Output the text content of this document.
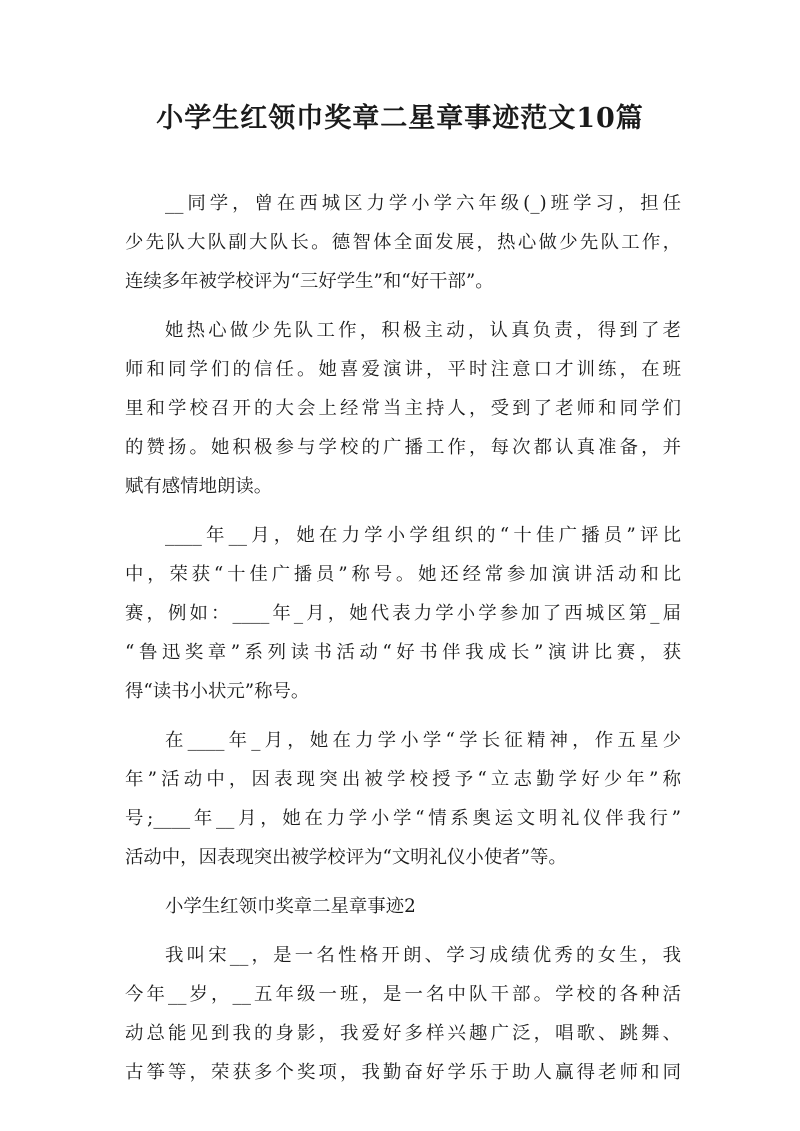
小学生红领巾奖章二星章事迹范文10篇
__同学，曾在西城区力学小学六年级(_)班学习，担任
少先队大队副大队长。德智体全面发展，热心做少先队工作，
连续多年被学校评为“三好学生”和“好干部”。
她热心做少先队工作，积极主动，认真负责，得到了老
师和同学们的信任。她喜爱演讲，平时注意口才训练，在班
里和学校召开的大会上经常当主持人，受到了老师和同学们
的赞扬。她积极参与学校的广播工作，每次都认真准备，并
赋有感情地朗读。
____年__月，她在力学小学组织的“十佳广播员”评比
中，荣获“十佳广播员”称号。她还经常参加演讲活动和比
赛，例如：____年_月，她代表力学小学参加了西城区第_届
“鲁迅奖章”系列读书活动“好书伴我成长”演讲比赛，获
得“读书小状元”称号。
在____年_月，她在力学小学“学长征精神，作五星少
年”活动中，因表现突出被学校授予“立志勤学好少年”称
号;____年__月，她在力学小学“情系奥运文明礼仪伴我行”
活动中，因表现突出被学校评为“文明礼仪小使者”等。
小学生红领巾奖章二星章事迹2
我叫宋__，是一名性格开朗、学习成绩优秀的女生，我
今年__岁，__五年级一班，是一名中队干部。学校的各种活
动总能见到我的身影，我爱好多样兴趣广泛，唱歌、跳舞、
古筝等，荣获多个奖项，我勤奋好学乐于助人赢得老师和同
